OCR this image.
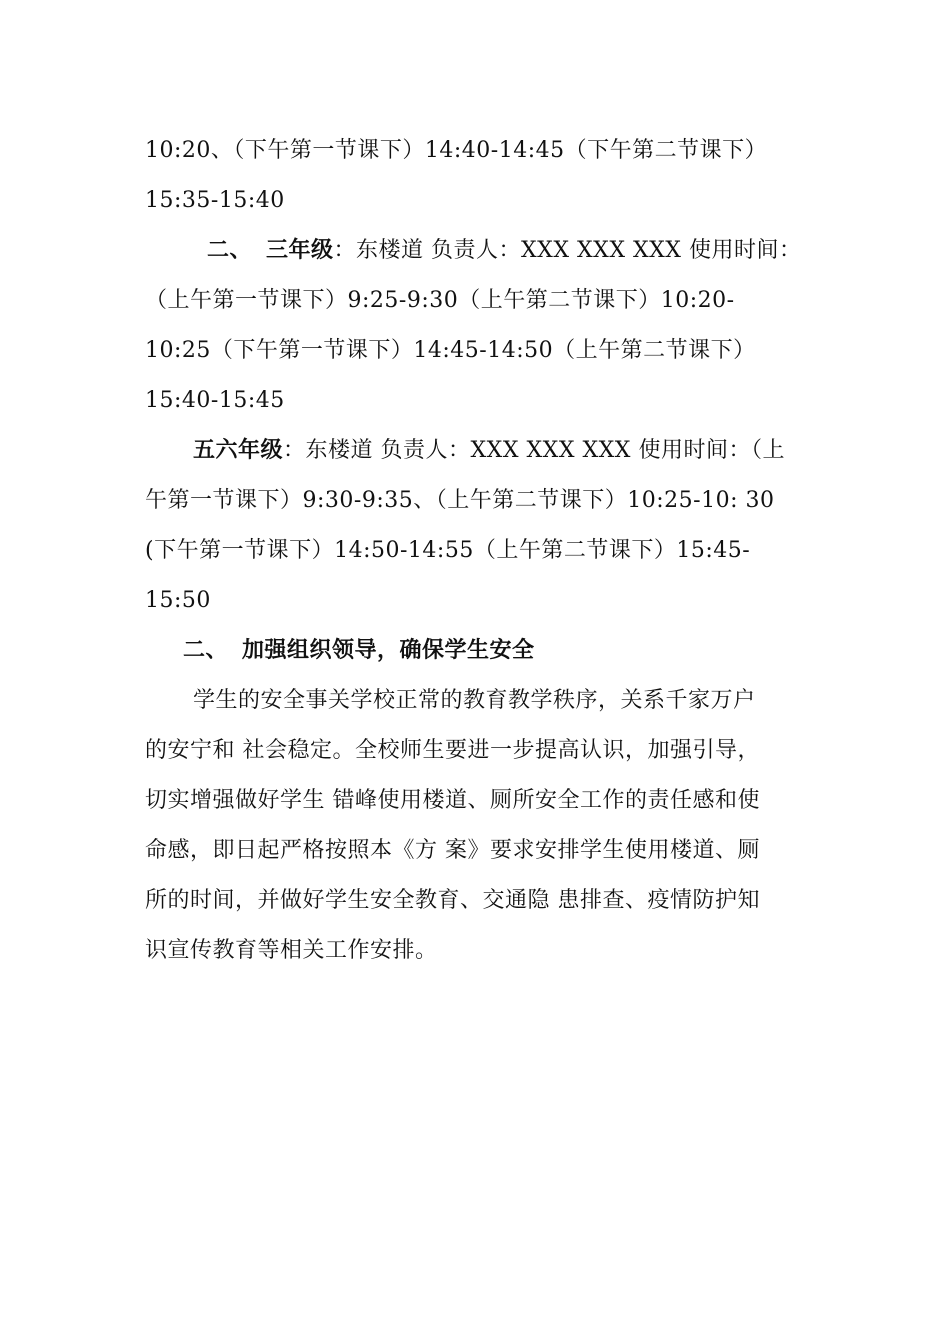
10:20、（下午第一节课下）14:40-14:45（下午第二节课下）
15:35-15:40
二、 三年级：东楼道 负责人：XXX XXX XXX 使用时间：
（上午第一节课下）9:25-9:30（上午第二节课下）10:20-
10:25（下午第一节课下）14:45-14:50（上午第二节课下）
15:40-15:45
五六年级：东楼道 负责人：XXX XXX XXX 使用时间：（上
午第一节课下）9:30-9:35、（上午第二节课下）10:25-10: 30
(下午第一节课下）14:50-14:55（上午第二节课下）15:45-
15:50
二、 加强组织领导，确保学生安全
学生的安全事关学校正常的教育教学秩序，关系千家万户
的安宁和 社会稳定。全校师生要进一步提高认识，加强引导，
切实增强做好学生 错峰使用楼道、厕所安全工作的责任感和使
命感，即日起严格按照本《方 案》要求安排学生使用楼道、厕
所的时间，并做好学生安全教育、交通隐 患排查、疫情防护知
识宣传教育等相关工作安排。
